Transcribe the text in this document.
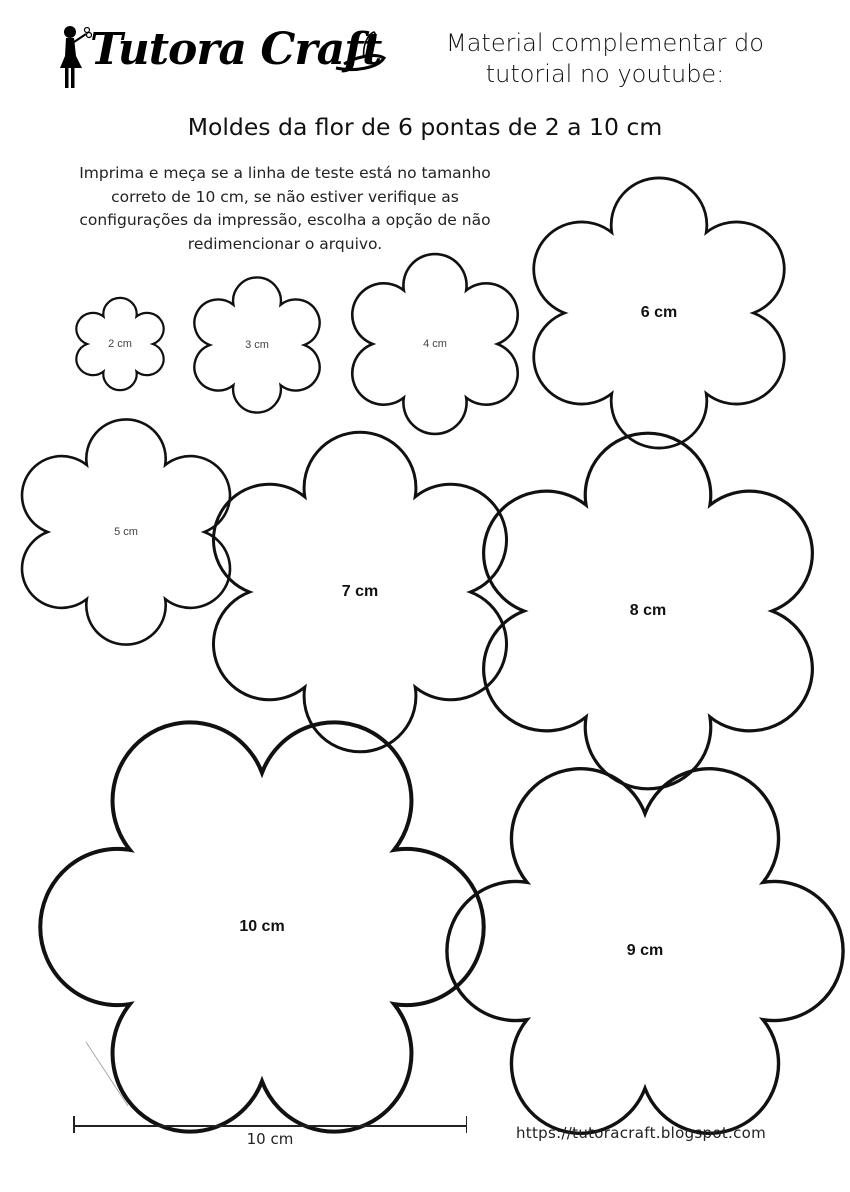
Tutora Craft	Material complementar do
tutorial no youtube:
Moldes da flor de 6 pontas de 2 a 10 cm
Imprima e meça se a linha de teste está no tamanho
correto de 10 cm, se não estiver verifique as
configurações da impressão, escolha a opção de não
redimencionar o arquivo.
2 cm	3 cm	4 cm
6 cm
5 cm
7 cm
8 cm
10 cm
9 cm
10 cm	https://tutoracraft.blogspot.com
